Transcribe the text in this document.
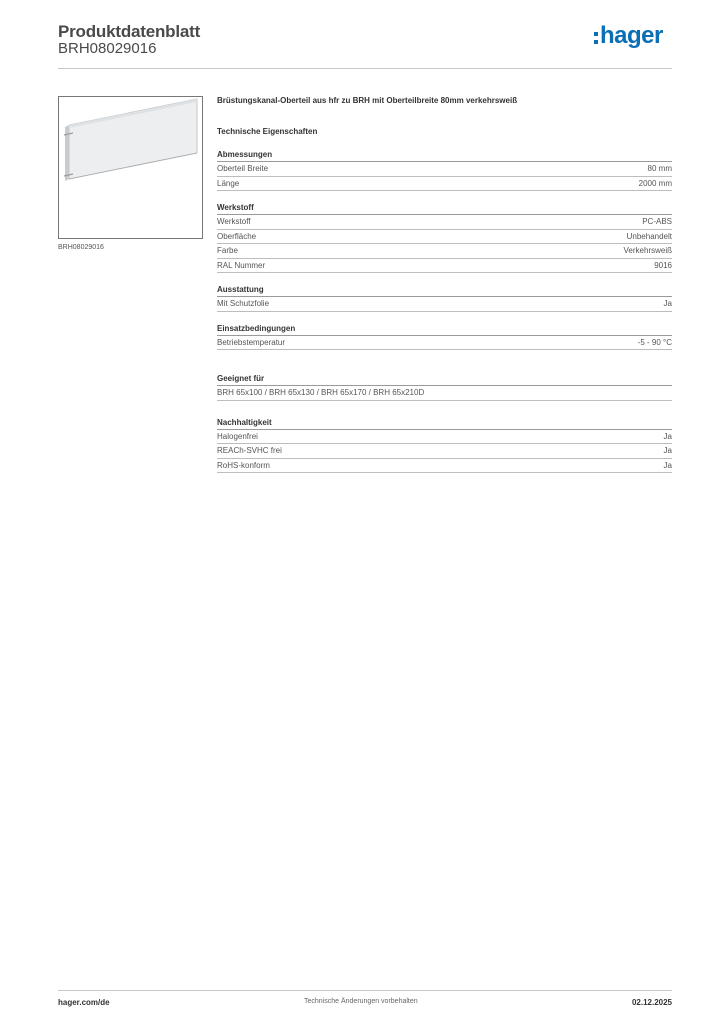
Produktdatenblatt
BRH08029016	hager
BRH08029016

Brüstungskanal-Oberteil aus hfr zu BRH mit Oberteilbreite 80mm verkehrsweiß

Technische Eigenschaften

Abmessungen
Oberteil Breite	80 mm
Länge	2000 mm
Werkstoff
Werkstoff	PC-ABS
Oberfläche	Unbehandelt
Farbe	Verkehrsweiß
RAL Nummer	9016
Ausstattung
Mit Schutzfolie	Ja
Einsatzbedingungen
Betriebstemperatur	-5 - 90 °C
Geeignet für
BRH 65x100 / BRH 65x130 / BRH 65x170 / BRH 65x210D
Nachhaltigkeit
Halogenfrei	Ja
REACh-SVHC frei	Ja
RoHS-konform	Ja
hager.com/de	Technische Änderungen vorbehalten	02.12.2025
